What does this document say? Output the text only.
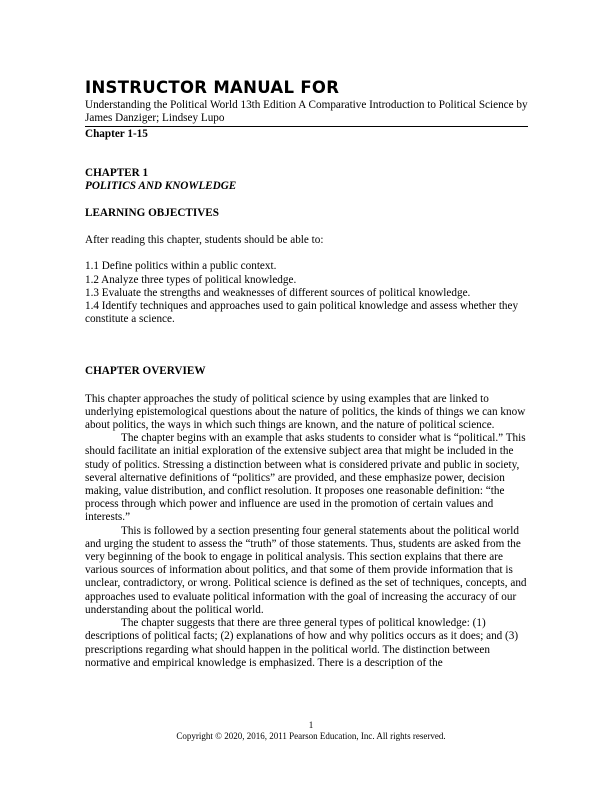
INSTRUCTOR MANUAL FOR

Understanding the Political World 13th Edition A Comparative Introduction to Political Science by James Danziger; Lindsey Lupo

Chapter 1-15

CHAPTER 1

POLITICS AND KNOWLEDGE

LEARNING OBJECTIVES

After reading this chapter, students should be able to:

1.1 Define politics within a public context.

1.2 Analyze three types of political knowledge.

1.3 Evaluate the strengths and weaknesses of different sources of political knowledge.

1.4 Identify techniques and approaches used to gain political knowledge and assess whether they constitute a science.

CHAPTER OVERVIEW

This chapter approaches the study of political science by using examples that are linked to underlying epistemological questions about the nature of politics, the kinds of things we can know about politics, the ways in which such things are known, and the nature of political science.

The chapter begins with an example that asks students to consider what is “political.” This should facilitate an initial exploration of the extensive subject area that might be included in the study of politics. Stressing a distinction between what is considered private and public in society, several alternative definitions of “politics” are provided, and these emphasize power, decision making, value distribution, and conflict resolution. It proposes one reasonable definition: “the process through which power and influence are used in the promotion of certain values and interests.”

This is followed by a section presenting four general statements about the political world and urging the student to assess the “truth” of those statements. Thus, students are asked from the very beginning of the book to engage in political analysis. This section explains that there are various sources of information about politics, and that some of them provide information that is unclear, contradictory, or wrong. Political science is defined as the set of techniques, concepts, and approaches used to evaluate political information with the goal of increasing the accuracy of our understanding about the political world.

The chapter suggests that there are three general types of political knowledge: (1) descriptions of political facts; (2) explanations of how and why politics occurs as it does; and (3) prescriptions regarding what should happen in the political world. The distinction between normative and empirical knowledge is emphasized. There is a description of the

1
Copyright © 2020, 2016, 2011 Pearson Education, Inc. All rights reserved.
